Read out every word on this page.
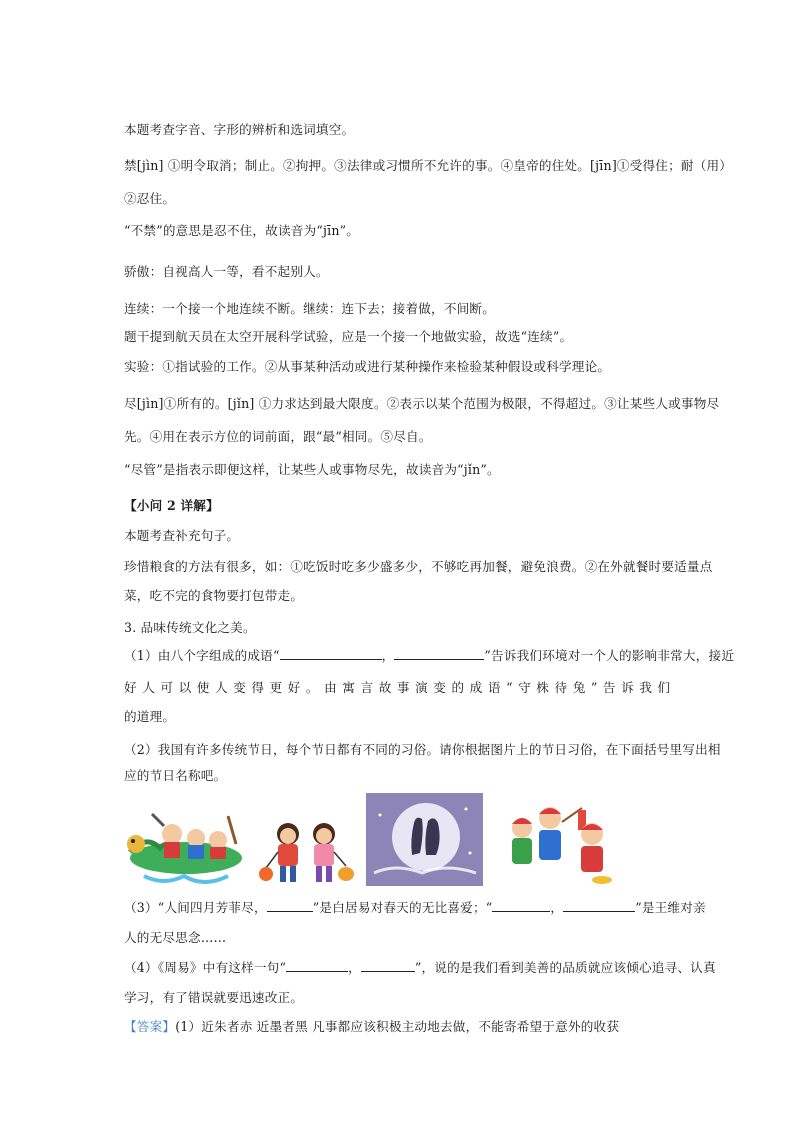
本题考查字音、字形的辨析和选词填空。
禁[jìn] ①明令取消；制止。②拘押。③法律或习惯所不允许的事。④皇帝的住处。[jīn]①受得住；耐（用）
②忍住。
“不禁”的意思是忍不住，故读音为“jīn”。
骄傲：自视高人一等，看不起别人。
连续：一个接一个地连续不断。继续：连下去；接着做，不间断。
题干提到航天员在太空开展科学试验，应是一个接一个地做实验，故选“连续”。
实验：①指试验的工作。②从事某种活动或进行某种操作来检验某种假设或科学理论。
尽[jìn]①所有的。[jǐn] ①力求达到最大限度。②表示以某个范围为极限，不得超过。③让某些人或事物尽
先。④用在表示方位的词前面，跟“最”相同。⑤尽自。
“尽管”是指表示即便这样，让某些人或事物尽先，故读音为“jǐn”。
【小问 2 详解】
本题考查补充句子。
珍惜粮食的方法有很多，如：①吃饭时吃多少盛多少，不够吃再加餐，避免浪费。②在外就餐时要适量点
菜，吃不完的食物要打包带走。
3. 品味传统文化之美。
（1）由八个字组成的成语“	，	”告诉我们环境对一个人的影响非常大，接近
好人可以使人变得更好。由寓言故事演变的成语“守株待兔”告诉我们
的道理。
（2）我国有许多传统节日，每个节日都有不同的习俗。请你根据图片上的节日习俗，在下面括号里写出相
应的节日名称吧。
（3）“人间四月芳菲尽，	”是白居易对春天的无比喜爱；“	，	”是王维对亲
人的无尽思念……
（4）《周易》中有这样一句“	，	”，说的是我们看到美善的品质就应该倾心追寻、认真
学习，有了错误就要迅速改正。
【答案】(1）近朱者赤 近墨者黑 凡事都应该积极主动地去做，不能寄希望于意外的收获
